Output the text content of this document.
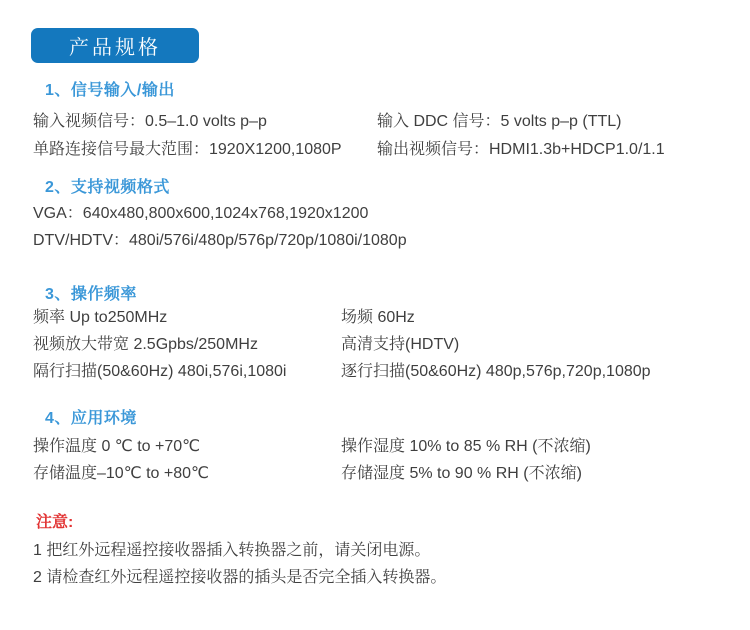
产品规格
1、信号输入/输出
输入视频信号：0.5–1.0 volts p–p	输入 DDC 信号：5 volts p–p (TTL)
单路连接信号最大范围：1920X1200,1080P 输出视频信号：HDMI1.3b+HDCP1.0/1.1
2、支持视频格式
VGA：640x480,800x600,1024x768,1920x1200
DTV/HDTV：480i/576i/480p/576p/720p/1080i/1080p
3、操作频率
频率 Up to250MHz	场频 60Hz
视频放大带宽 2.5Gpbs/250MHz	高清支持(HDTV)
隔行扫描(50&60Hz) 480i,576i,1080i	逐行扫描(50&60Hz) 480p,576p,720p,1080p
4、应用环境
操作温度 0 ℃ to +70℃	操作湿度 10% to 85 % RH (不浓缩)
存储温度–10℃ to +80℃	存储湿度 5% to 90 % RH (不浓缩)
注意:
1 把红外远程遥控接收器插入转换器之前，请关闭电源。
2 请检查红外远程遥控接收器的插头是否完全插入转换器。
